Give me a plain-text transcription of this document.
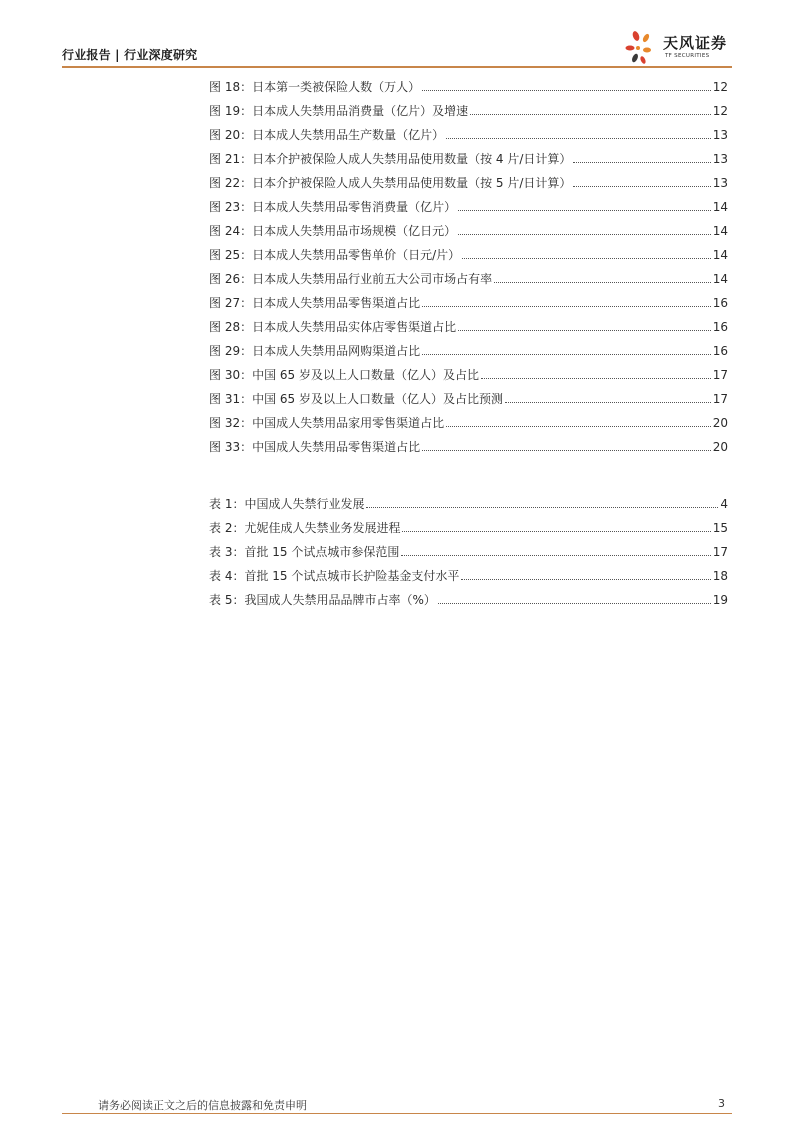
行业报告 | 行业深度研究
天风证券
TF SECURITIES
图 18：日本第一类被保险人数（万人）	12
图 19：日本成人失禁用品消费量（亿片）及增速	12
图 20：日本成人失禁用品生产数量（亿片）	13
图 21：日本介护被保险人成人失禁用品使用数量（按 4 片/日计算）	13
图 22：日本介护被保险人成人失禁用品使用数量（按 5 片/日计算）	13
图 23：日本成人失禁用品零售消费量（亿片）	14
图 24：日本成人失禁用品市场规模（亿日元）	14
图 25：日本成人失禁用品零售单价（日元/片）	14
图 26：日本成人失禁用品行业前五大公司市场占有率	14
图 27：日本成人失禁用品零售渠道占比	16
图 28：日本成人失禁用品实体店零售渠道占比	16
图 29：日本成人失禁用品网购渠道占比	16
图 30：中国 65 岁及以上人口数量（亿人）及占比	17
图 31：中国 65 岁及以上人口数量（亿人）及占比预测	17
图 32：中国成人失禁用品家用零售渠道占比	20
图 33：中国成人失禁用品零售渠道占比	20
表 1：中国成人失禁行业发展	4
表 2：尤妮佳成人失禁业务发展进程	15
表 3：首批 15 个试点城市参保范围	17
表 4：首批 15 个试点城市长护险基金支付水平	18
表 5：我国成人失禁用品品牌市占率（%）	19
请务必阅读正文之后的信息披露和免责申明	3
